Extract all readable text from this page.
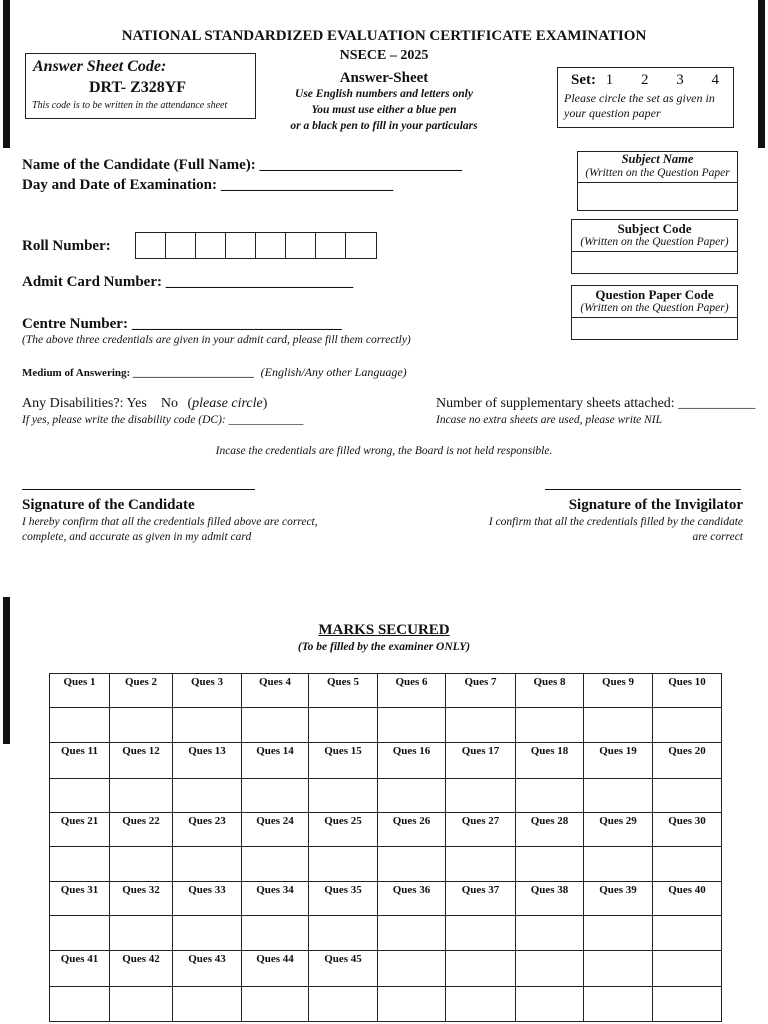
NATIONAL STANDARDIZED EVALUATION CERTIFICATE EXAMINATION
NSECE – 2025
Answer-Sheet
Use English numbers and letters only
You must use either a blue pen
or a black pen to fill in your particulars
Answer Sheet Code:
DRT- Z328YF
This code is to be written in the attendance sheet
Set: 1 2 3 4
Please circle the set as given in
your question paper
Name of the Candidate (Full Name): ___________________________
Day and Date of Examination: _______________________
Roll Number:
Admit Card Number: _________________________
Centre Number: ____________________________
(The above three credentials are given in your admit card, please fill them correctly)
Medium of Answering: ______________________ (English/Any other Language)
Any Disabilities?: Yes    No (please circle)
If yes, please write the disability code (DC): _____________
Number of supplementary sheets attached: ___________
Incase no extra sheets are used, please write NIL
Incase the credentials are filled wrong, the Board is not held responsible.
Subject Name
(Written on the Question Paper
Subject Code
(Written on the Question Paper)
Question Paper Code
(Written on the Question Paper)
Signature of the Candidate
I hereby confirm that all the credentials filled above are correct,
complete, and accurate as given in my admit card
Signature of the Invigilator
I confirm that all the credentials filled by the candidate
are correct
MARKS SECURED
(To be filled by the examiner ONLY)
Ques 1	Ques 2	Ques 3	Ques 4	Ques 5	Ques 6	Ques 7	Ques 8	Ques 9	Ques 10

Ques 11	Ques 12	Ques 13	Ques 14	Ques 15	Ques 16	Ques 17	Ques 18	Ques 19	Ques 20

Ques 21	Ques 22	Ques 23	Ques 24	Ques 25	Ques 26	Ques 27	Ques 28	Ques 29	Ques 30

Ques 31	Ques 32	Ques 33	Ques 34	Ques 35	Ques 36	Ques 37	Ques 38	Ques 39	Ques 40

Ques 41	Ques 42	Ques 43	Ques 44	Ques 45					
